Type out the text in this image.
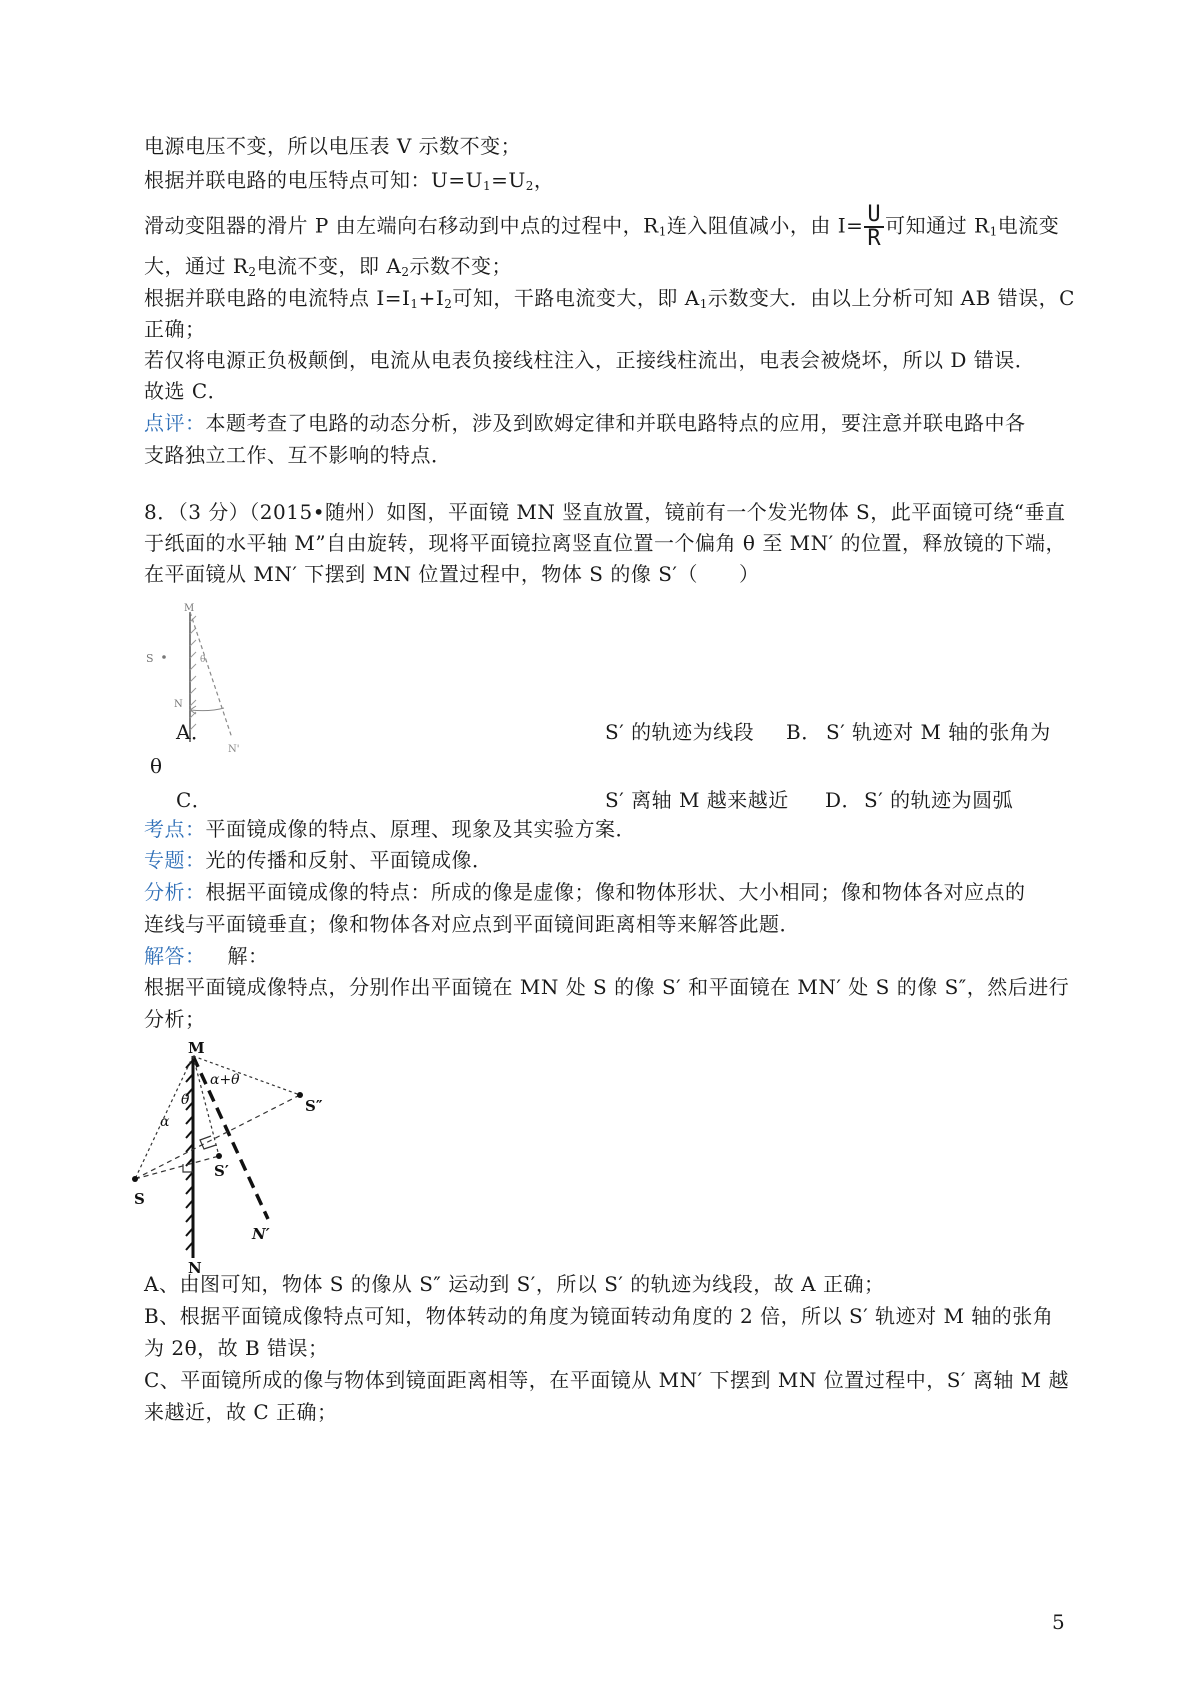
电源电压不变，所以电压表 V 示数不变；
根据并联电路的电压特点可知：$U=U_1=U_2$，
滑动变阻器的滑片 P 由左端向右移动到中点的过程中，$R_1$连入阻值减小，由 $I= \frac{U}{R}$ 可知通过 $R_1$电流变
大，通过 $R_2$电流不变，即 $A_2$示数不变；
根据并联电路的电流特点 $I=I_1+I_2$可知，干路电流变大，即 $A_1$示数变大．由以上分析可知 AB 错误，C
正确；
若仅将电源正负极颠倒，电流从电表负接线柱注入，正接线柱流出，电表会被烧坏，所以 D 错误．
故选 C．
点评：本题考查了电路的动态分析，涉及到欧姆定律和并联电路特点的应用，要注意并联电路中各
支路独立工作、互不影响的特点．
8．（3 分）（2015•随州）如图，平面镜 MN 竖直放置，镜前有一个发光物体 S，此平面镜可绕“垂直
于纸面的水平轴 M”自由旋转，现将平面镜拉离竖直位置一个偏角 θ 至 MN′ 的位置，释放镜的下端，
在平面镜从 MN′ 下摆到 MN 位置过程中，物体 S 的像 S′（　　）
M
S	θ
N
N'
A．	S′ 的轨迹为线段 B． S′ 轨迹对 M 轴的张角为
θ
C．	S′ 离轴 M 越来越近 D． S′ 的轨迹为圆弧
考点：平面镜成像的特点、原理、现象及其实验方案．
专题：光的传播和反射、平面镜成像．
分析：根据平面镜成像的特点：所成的像是虚像；像和物体形状、大小相同；像和物体各对应点的
连线与平面镜垂直；像和物体各对应点到平面镜间距离相等来解答此题．
解答： 解：
根据平面镜成像特点，分别作出平面镜在 MN 处 S 的像 S′ 和平面镜在 MN′ 处 S 的像 S″，然后进行
分析；
M
N
N′
S
S′
S″
α
θ
α+θ
A、由图可知，物体 S 的像从 S″ 运动到 S′，所以 S′ 的轨迹为线段，故 A 正确；
B、根据平面镜成像特点可知，物体转动的角度为镜面转动角度的 2 倍，所以 S′ 轨迹对 M 轴的张角
为 2θ，故 B 错误；
C、平面镜所成的像与物体到镜面距离相等，在平面镜从 MN′ 下摆到 MN 位置过程中，S′ 离轴 M 越
来越近，故 C 正确；
5
